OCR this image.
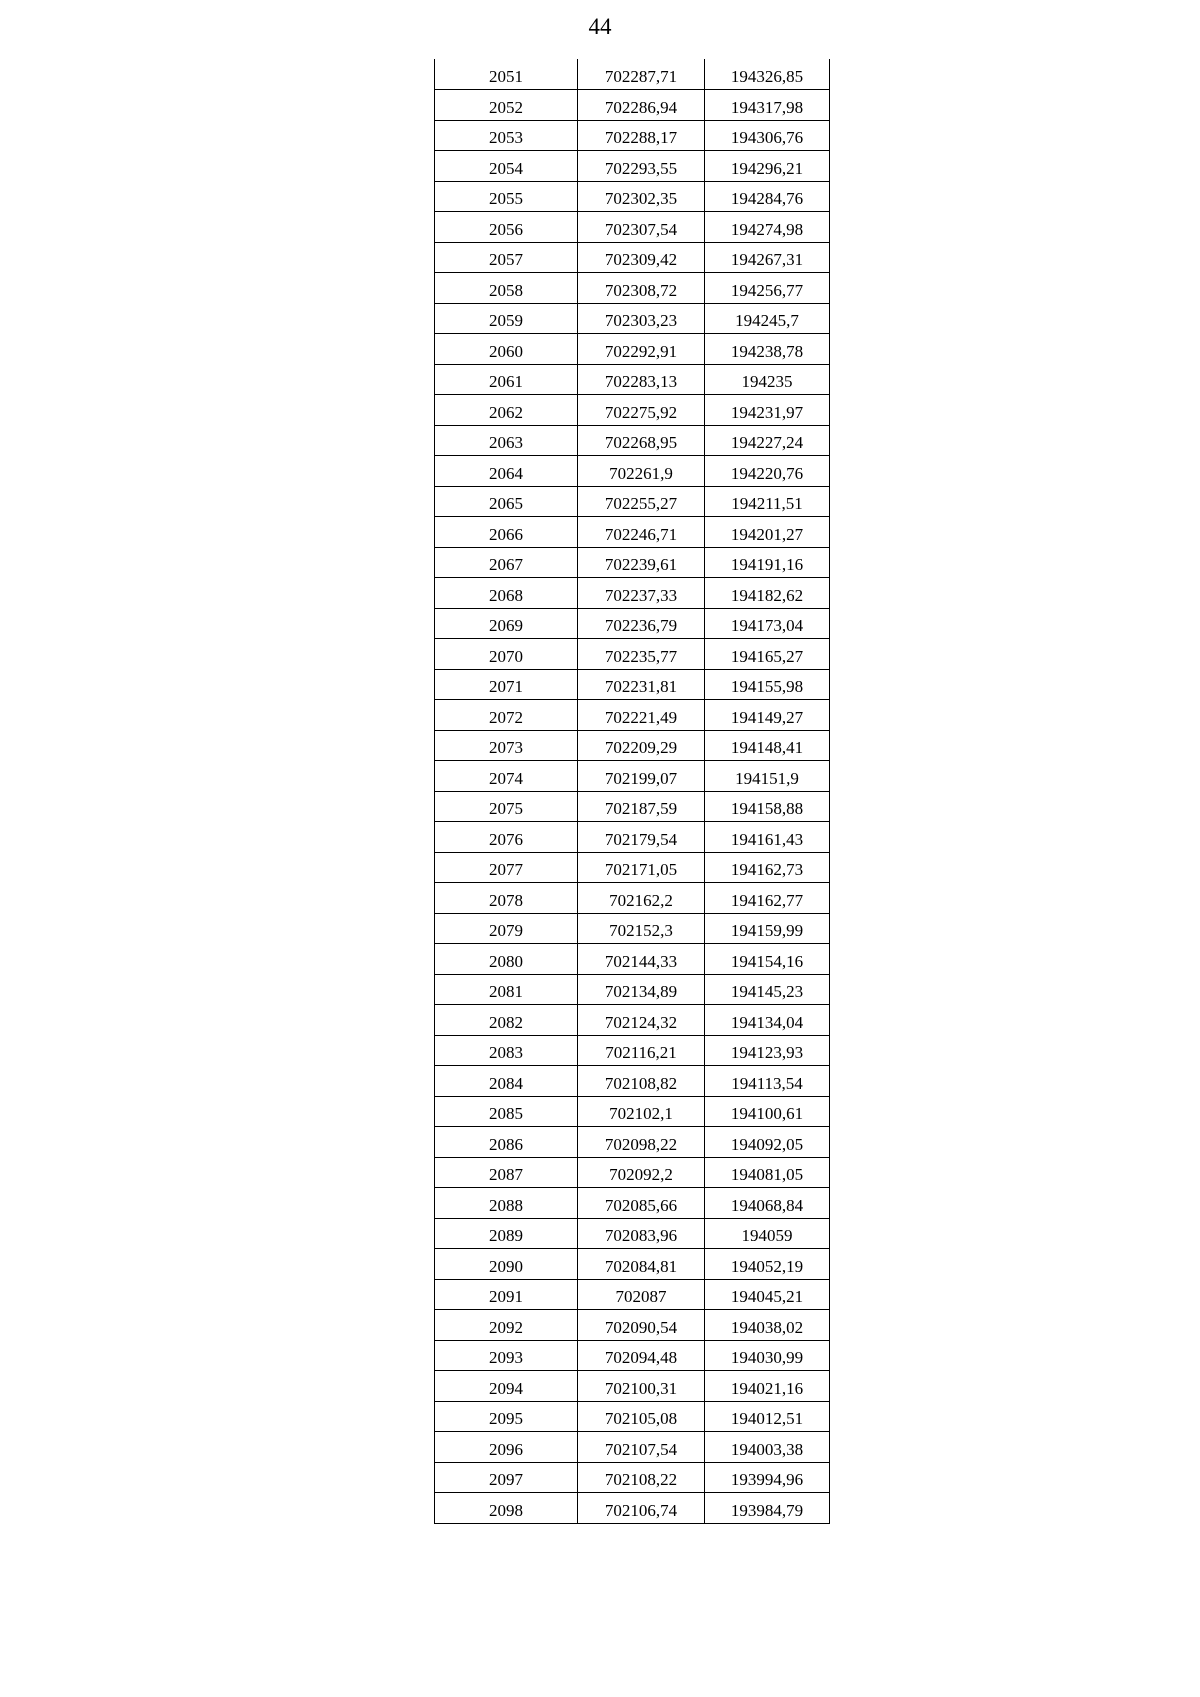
44
2051	702287,71	194326,85
2052	702286,94	194317,98
2053	702288,17	194306,76
2054	702293,55	194296,21
2055	702302,35	194284,76
2056	702307,54	194274,98
2057	702309,42	194267,31
2058	702308,72	194256,77
2059	702303,23	194245,7
2060	702292,91	194238,78
2061	702283,13	194235
2062	702275,92	194231,97
2063	702268,95	194227,24
2064	702261,9	194220,76
2065	702255,27	194211,51
2066	702246,71	194201,27
2067	702239,61	194191,16
2068	702237,33	194182,62
2069	702236,79	194173,04
2070	702235,77	194165,27
2071	702231,81	194155,98
2072	702221,49	194149,27
2073	702209,29	194148,41
2074	702199,07	194151,9
2075	702187,59	194158,88
2076	702179,54	194161,43
2077	702171,05	194162,73
2078	702162,2	194162,77
2079	702152,3	194159,99
2080	702144,33	194154,16
2081	702134,89	194145,23
2082	702124,32	194134,04
2083	702116,21	194123,93
2084	702108,82	194113,54
2085	702102,1	194100,61
2086	702098,22	194092,05
2087	702092,2	194081,05
2088	702085,66	194068,84
2089	702083,96	194059
2090	702084,81	194052,19
2091	702087	194045,21
2092	702090,54	194038,02
2093	702094,48	194030,99
2094	702100,31	194021,16
2095	702105,08	194012,51
2096	702107,54	194003,38
2097	702108,22	193994,96
2098	702106,74	193984,79
